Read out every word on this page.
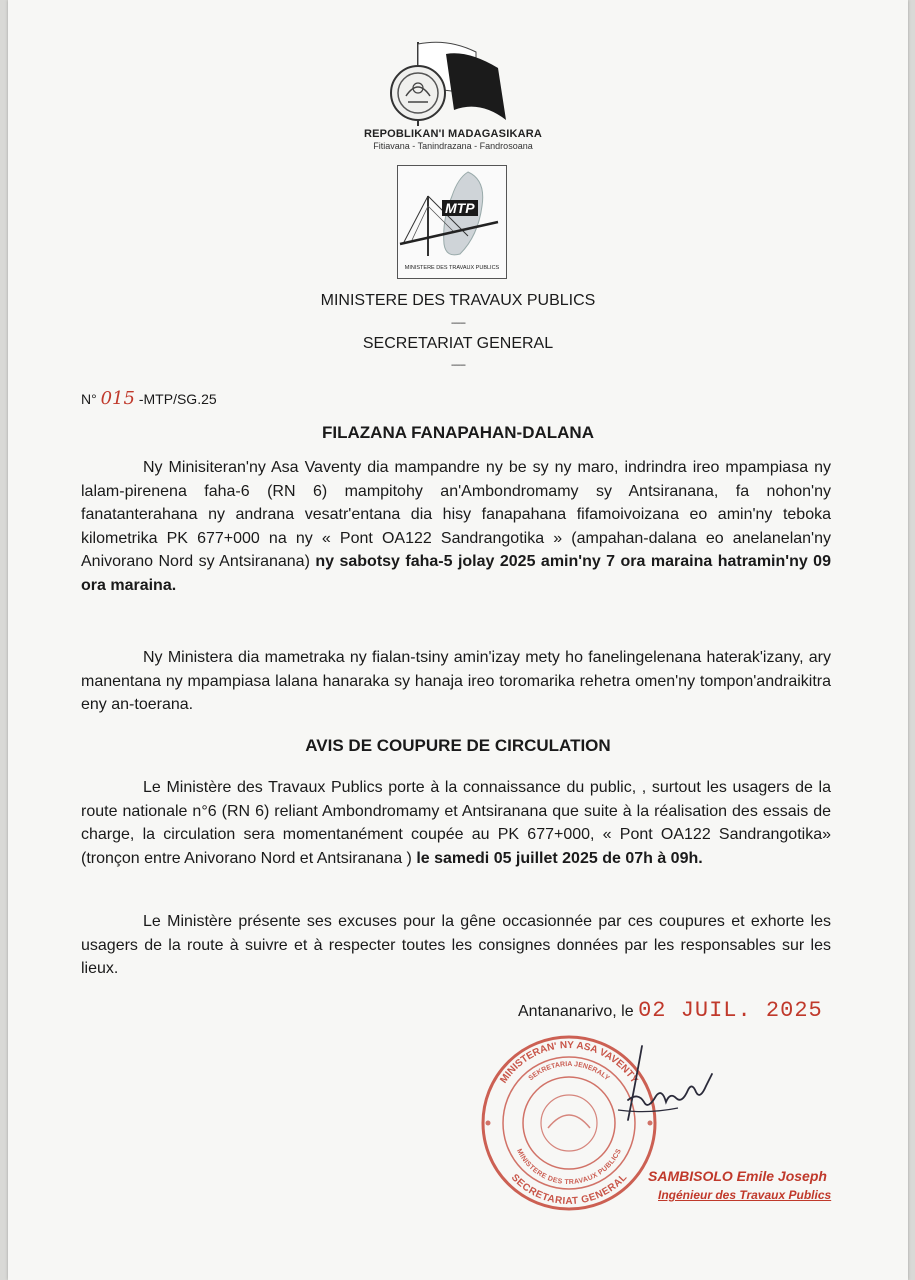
REPOBLIKAN'I MADAGASIKARA
Fitiavana - Tanindrazana - Fandrosoana
MTP
MINISTERE DES TRAVAUX PUBLICS
MINISTERE DES TRAVAUX PUBLICS
------
SECRETARIAT GENERAL
------
N° 015 -MTP/SG.25
FILAZANA FANAPAHAN-DALANA
Ny Minisiteran'ny Asa Vaventy dia mampandre ny be sy ny maro, indrindra ireo mpampiasa ny lalam-pirenena faha-6 (RN 6) mampitohy an'Ambondromamy sy Antsiranana, fa nohon'ny fanatanterahana ny andrana vesatr'entana dia hisy fanapahana fifamoivoizana eo amin'ny teboka kilometrika PK 677+000 na ny « Pont OA122 Sandrangotika » (ampahan-dalana eo anelanelan'ny Anivorano Nord sy Antsiranana) ny sabotsy faha-5 jolay 2025 amin'ny 7 ora maraina hatramin'ny 09 ora maraina.
Ny Ministera dia mametraka ny fialan-tsiny amin'izay mety ho fanelingelenana haterak'izany, ary manentana ny mpampiasa lalana hanaraka sy hanaja ireo toromarika rehetra omen'ny tompon'andraikitra eny an-toerana.
AVIS DE COUPURE DE CIRCULATION
Le Ministère des Travaux Publics porte à la connaissance du public, , surtout les usagers de la route nationale n°6 (RN 6) reliant Ambondromamy et Antsiranana que suite à la réalisation des essais de charge, la circulation sera momentanément coupée au PK 677+000, « Pont OA122 Sandrangotika» (tronçon entre Anivorano Nord et Antsiranana ) le samedi 05 juillet 2025 de 07h à 09h.
Le Ministère présente ses excuses pour la gêne occasionnée par ces coupures et exhorte les usagers de la route à suivre et à respecter toutes les consignes données par les responsables sur les lieux.
Antananarivo, le 02 JUIL. 2025
MINISTERAN' NY ASA VAVENTY
SECRETARIAT GENERAL
SEKRETARIA JENERALY
MINISTERE DES TRAVAUX PUBLICS
SAMBISOLO Emile Joseph
Ingénieur des Travaux Publics
